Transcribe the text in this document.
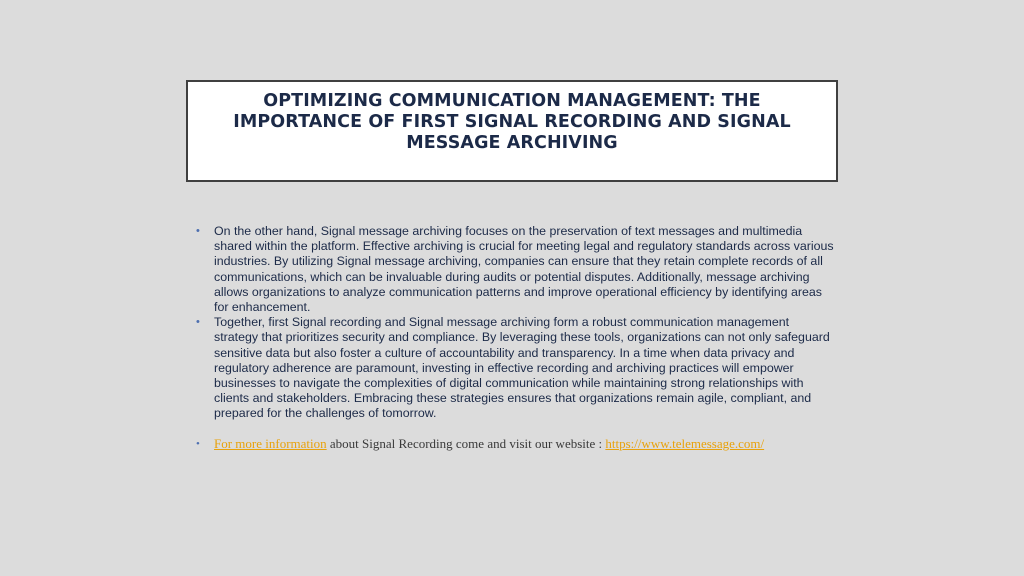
OPTIMIZING COMMUNICATION MANAGEMENT: THE IMPORTANCE OF FIRST SIGNAL RECORDING AND SIGNAL MESSAGE ARCHIVING
• On the other hand, Signal message archiving focuses on the preservation of text messages and multimedia shared within the platform. Effective archiving is crucial for meeting legal and regulatory standards across various industries. By utilizing Signal message archiving, companies can ensure that they retain complete records of all communications, which can be invaluable during audits or potential disputes. Additionally, message archiving allows organizations to analyze communication patterns and improve operational efficiency by identifying areas for enhancement.
• Together, first Signal recording and Signal message archiving form a robust communication management strategy that prioritizes security and compliance. By leveraging these tools, organizations can not only safeguard sensitive data but also foster a culture of accountability and transparency. In a time when data privacy and regulatory adherence are paramount, investing in effective recording and archiving practices will empower businesses to navigate the complexities of digital communication while maintaining strong relationships with clients and stakeholders. Embracing these strategies ensures that organizations remain agile, compliant, and prepared for the challenges of tomorrow.
• For more information about Signal Recording come and visit our website : https://www.telemessage.com/
